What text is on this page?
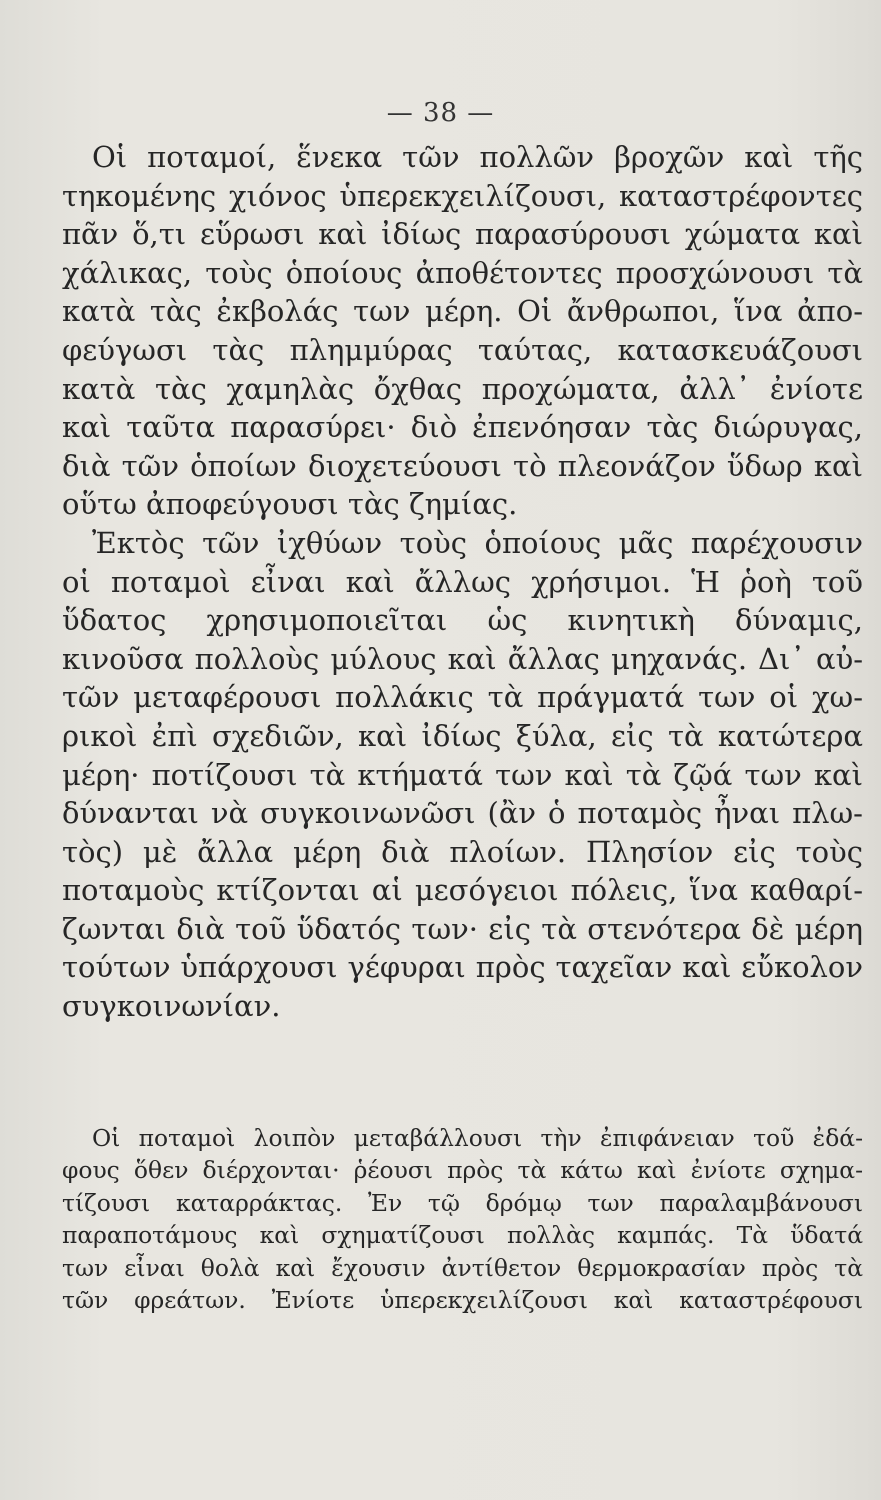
— 38 —
Οἱ ποταμοί, ἕνεκα τῶν πολλῶν βροχῶν καὶ τῆς
τηκομένης χιόνος ὑπερεκχειλίζουσι, καταστρέφοντες
πᾶν ὅ,τι εὕρωσι καὶ ἰδίως παρασύρουσι χώματα καὶ
χάλικας, τοὺς ὁποίους ἀποθέτοντες προσχώνουσι τὰ
κατὰ τὰς ἐκβολάς των μέρη. Οἱ ἄνθρωποι, ἵνα ἀπο-
φεύγωσι τὰς πλημμύρας ταύτας, κατασκευάζουσι
κατὰ τὰς χαμηλὰς ὄχθας προχώματα, ἀλλ᾽ ἐνίοτε
καὶ ταῦτα παρασύρει· διὸ ἐπενόησαν τὰς διώρυγας,
διὰ τῶν ὁποίων διοχετεύουσι τὸ πλεονάζον ὕδωρ καὶ
οὕτω ἀποφεύγουσι τὰς ζημίας.
Ἐκτὸς τῶν ἰχθύων τοὺς ὁποίους μᾶς παρέχουσιν
οἱ ποταμοὶ εἶναι καὶ ἄλλως χρήσιμοι. Ἡ ῥοὴ τοῦ
ὕδατος χρησιμοποιεῖται ὡς κινητικὴ δύναμις,
κινοῦσα πολλοὺς μύλους καὶ ἄλλας μηχανάς. Δι᾽ αὐ-
τῶν μεταφέρουσι πολλάκις τὰ πράγματά των οἱ χω-
ρικοὶ ἐπὶ σχεδιῶν, καὶ ἰδίως ξύλα, εἰς τὰ κατώτερα
μέρη· ποτίζουσι τὰ κτήματά των καὶ τὰ ζῷά των καὶ
δύνανται νὰ συγκοινωνῶσι (ἂν ὁ ποταμὸς ἦναι πλω-
τὸς) μὲ ἄλλα μέρη διὰ πλοίων. Πλησίον εἰς τοὺς
ποταμοὺς κτίζονται αἱ μεσόγειοι πόλεις, ἵνα καθαρί-
ζωνται διὰ τοῦ ὕδατός των· εἰς τὰ στενότερα δὲ μέρη
τούτων ὑπάρχουσι γέφυραι πρὸς ταχεῖαν καὶ εὔκολον
συγκοινωνίαν.
Οἱ ποταμοὶ λοιπὸν μεταβάλλουσι τὴν ἐπιφάνειαν τοῦ ἐδά-
φους ὅθεν διέρχονται· ῥέουσι πρὸς τὰ κάτω καὶ ἐνίοτε σχημα-
τίζουσι καταρράκτας. Ἐν τῷ δρόμῳ των παραλαμβάνουσι
παραποτάμους καὶ σχηματίζουσι πολλὰς καμπάς. Τὰ ὕδατά
των εἶναι θολὰ καὶ ἔχουσιν ἀντίθετον θερμοκρασίαν πρὸς τὰ
τῶν φρεάτων. Ἐνίοτε ὑπερεκχειλίζουσι καὶ καταστρέφουσι
